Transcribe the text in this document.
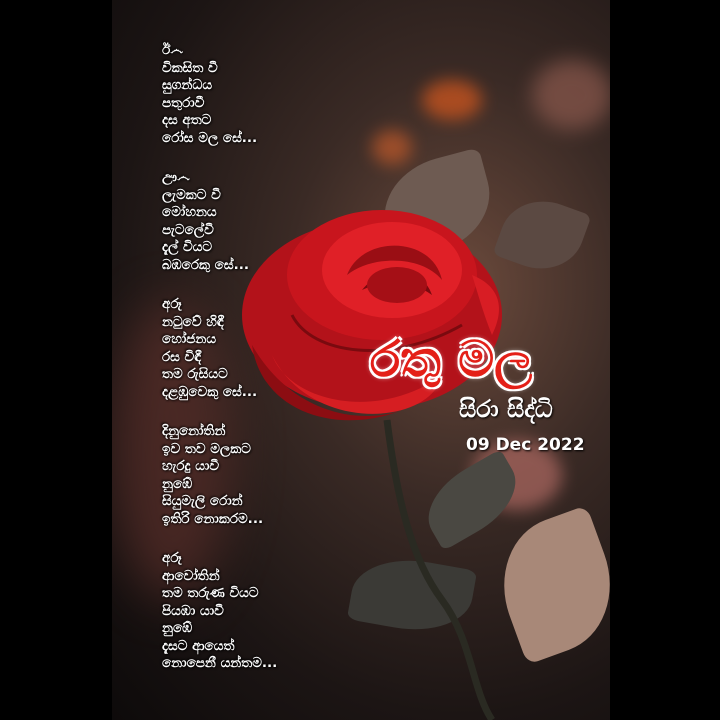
ඊ෴
විකසිත වී
සුගන්ධය
පතුරාවී
දස අතට
රෝස මල සේ...
ඌ෴
ලැමකට වී
මෝහනය
පැටලේවී
දැල් වියට
බඹරෙකු සේ...
අරූ
නටුවේ හිඳී
හෝජනය
රස විඳී
තම රුසියට
දළඹුවෙකු සේ...
දිනුනෝතින්
ඉව තව මලකට
හැරදු යාවී
නුඹේ
සියුමැලි රොන්
ඉතිරි නොකරම...
අරූ
ආවෝතින්
තම තරුණ වියට
පියඹා යාවී
නුඹේ
දැසට ආයෙත්
නොපෙනී යන්තම...
රතු මල
සිරා සිද්ධි
09 Dec 2022
